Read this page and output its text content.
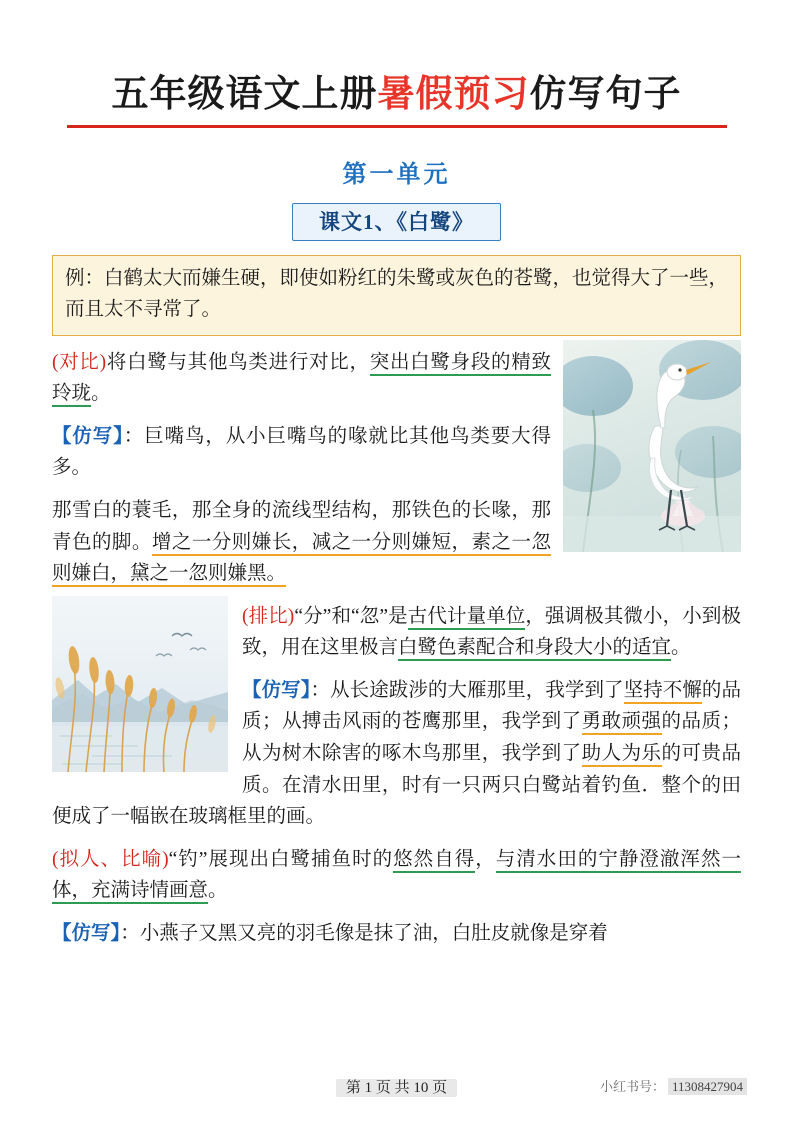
五年级语文上册暑假预习仿写句子
第一单元
课文1、《白鹭》
例：白鹤太大而嫌生硬，即使如粉红的朱鹭或灰色的苍鹭，也觉得大了一些，而且太不寻常了。
(对比)将白鹭与其他鸟类进行对比，突出白鹭身段的精致玲珑。
【仿写】：巨嘴鸟，从小巨嘴鸟的喙就比其他鸟类要大得多。
那雪白的蓑毛，那全身的流线型结构，那铁色的长喙，那青色的脚。增之一分则嫌长，减之一分则嫌短，素之一忽则嫌白，黛之一忽则嫌黑。
(排比)“分”和“忽”是古代计量单位，强调极其微小，小到极致，用在这里极言白鹭色素配合和身段大小的适宜。
【仿写】：从长途跋涉的大雁那里，我学到了坚持不懈的品质；从搏击风雨的苍鹰那里，我学到了勇敢顽强的品质；从为树木除害的啄木鸟那里，我学到了助人为乐的可贵品质。在清水田里，时有一只两只白鹭站着钓鱼．整个的田便成了一幅嵌在玻璃框里的画。
(拟人、比喻)“钓”展现出白鹭捕鱼时的悠然自得，与清水田的宁静澄澈浑然一体，充满诗情画意。
【仿写】：小燕子又黑又亮的羽毛像是抹了油，白肚皮就像是穿着
第 1 页 共 10 页	小红书号： 11308427904
